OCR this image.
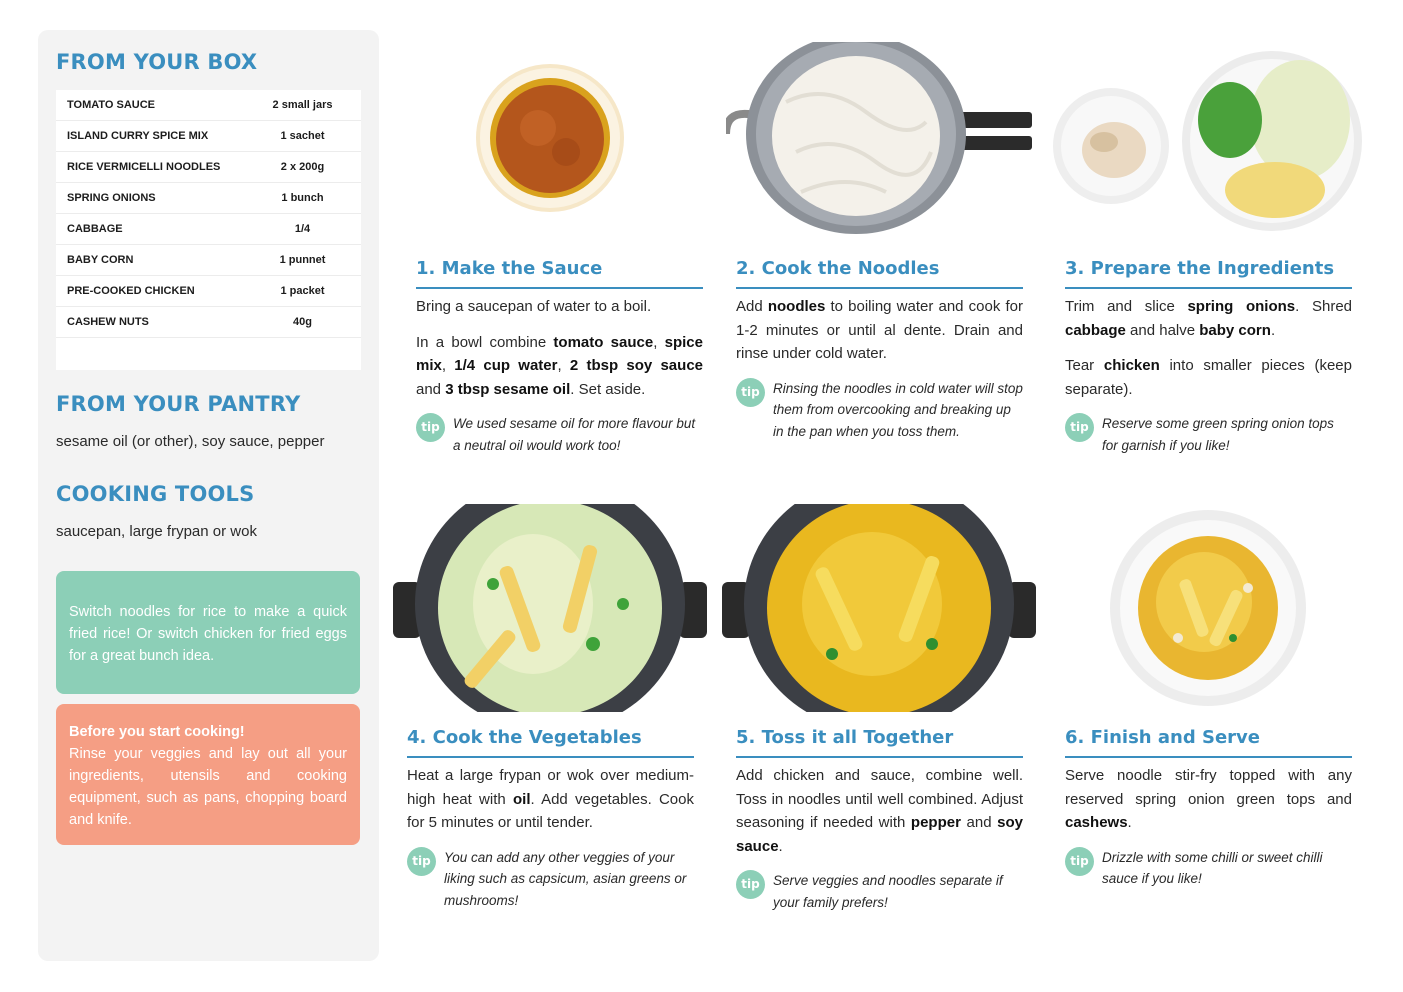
FROM YOUR BOX
TOMATO SAUCE	2 small jars
ISLAND CURRY SPICE MIX	1 sachet
RICE VERMICELLI NOODLES	2 x 200g
SPRING ONIONS	1 bunch
CABBAGE	1/4
BABY CORN	1 punnet
PRE-COOKED CHICKEN	1 packet
CASHEW NUTS	40g
FROM YOUR PANTRY
sesame oil (or other), soy sauce, pepper
COOKING TOOLS
saucepan, large frypan or wok
Switch noodles for rice to make a quick fried rice! Or switch chicken for fried eggs for a great bunch idea.
Before you start cooking!
Rinse your veggies and lay out all your ingredients, utensils and cooking equipment, such as pans, chopping board and knife.
1. Make the Sauce

Bring a saucepan of water to a boil.

In a bowl combine tomato sauce, spice mix, 1/4 cup water, 2 tbsp soy sauce and 3 tbsp sesame oil. Set aside.

tip We used sesame oil for more flavour but a neutral oil would work too!
2. Cook the Noodles

Add noodles to boiling water and cook for 1-2 minutes or until al dente. Drain and rinse under cold water.

tip Rinsing the noodles in cold water will stop them from overcooking and breaking up in the pan when you toss them.
3. Prepare the Ingredients

Trim and slice spring onions. Shred cabbage and halve baby corn.

Tear chicken into smaller pieces (keep separate).

tip Reserve some green spring onion tops for garnish if you like!
4. Cook the Vegetables

Heat a large frypan or wok over medium-high heat with oil. Add vegetables. Cook for 5 minutes or until tender.

tip You can add any other veggies of your liking such as capsicum, asian greens or mushrooms!
5. Toss it all Together

Add chicken and sauce, combine well. Toss in noodles until well combined. Adjust seasoning if needed with pepper and soy sauce.

tip Serve veggies and noodles separate if your family prefers!
6. Finish and Serve

Serve noodle stir-fry topped with any reserved spring onion green tops and cashews.

tip Drizzle with some chilli or sweet chilli sauce if you like!
